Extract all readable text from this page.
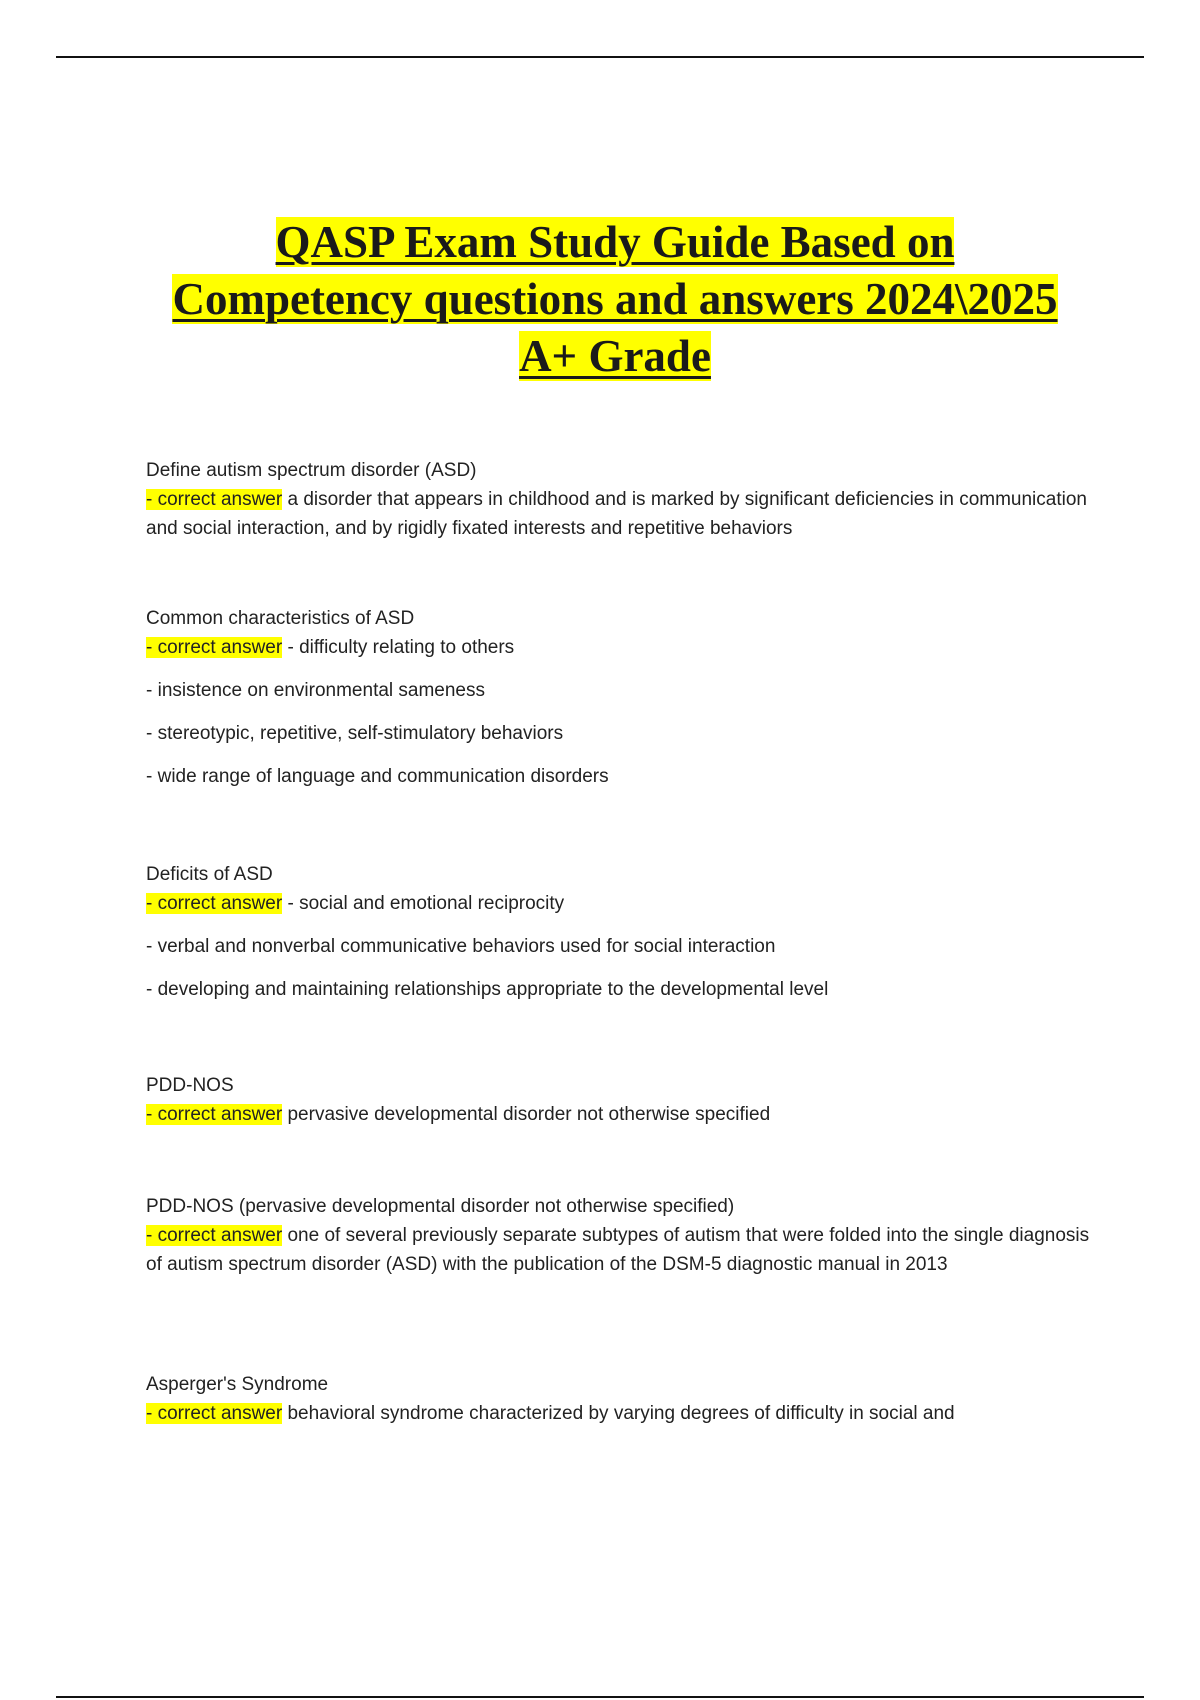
QASP Exam Study Guide Based on
Competency questions and answers 2024\2025
A+ Grade

Define autism spectrum disorder (ASD)

- correct answer a disorder that appears in childhood and is marked by significant deficiencies in communication and social interaction, and by rigidly fixated interests and repetitive behaviors

Common characteristics of ASD

- correct answer - difficulty relating to others

- insistence on environmental sameness

- stereotypic, repetitive, self-stimulatory behaviors

- wide range of language and communication disorders

Deficits of ASD

- correct answer - social and emotional reciprocity

- verbal and nonverbal communicative behaviors used for social interaction

- developing and maintaining relationships appropriate to the developmental level

PDD-NOS

- correct answer pervasive developmental disorder not otherwise specified

PDD-NOS (pervasive developmental disorder not otherwise specified)

- correct answer one of several previously separate subtypes of autism that were folded into the single diagnosis of autism spectrum disorder (ASD) with the publication of the DSM-5 diagnostic manual in 2013

Asperger's Syndrome

- correct answer behavioral syndrome characterized by varying degrees of difficulty in social and
